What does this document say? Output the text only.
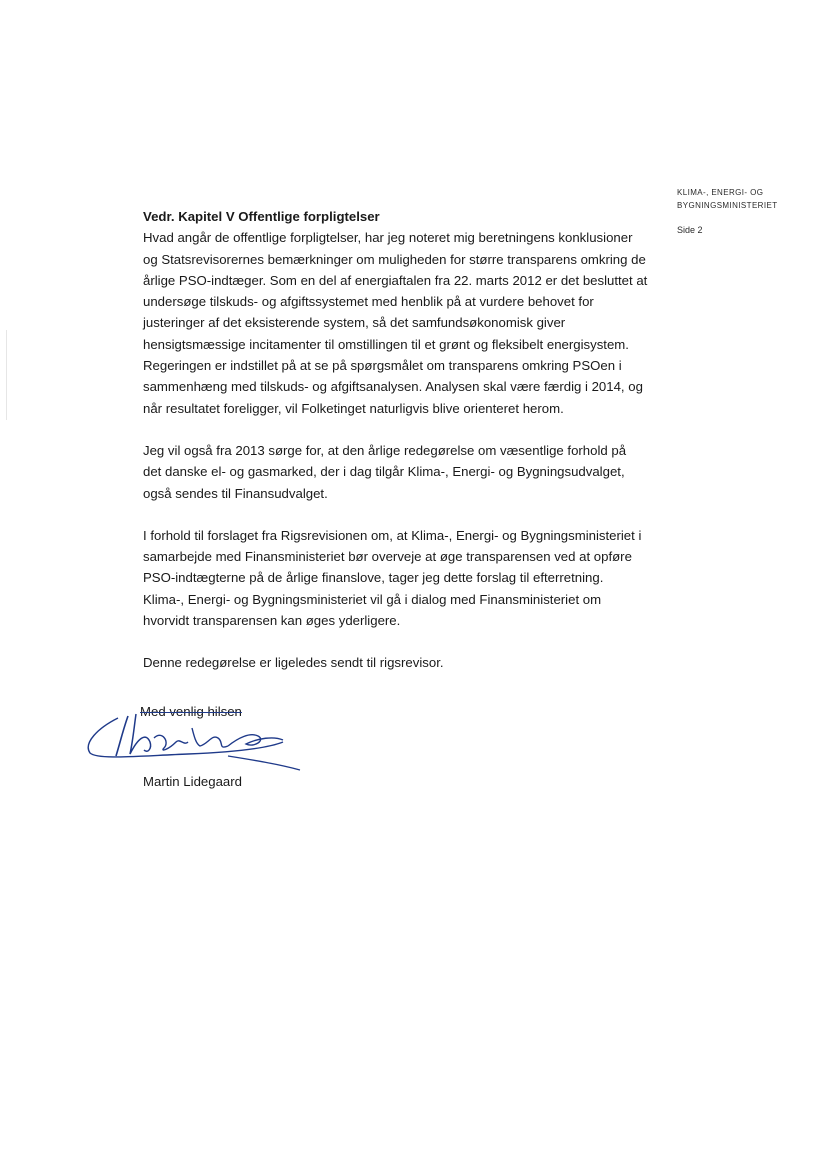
KLIMA-, ENERGI- OG
BYGNINGSMINISTERIET
Side 2

Vedr. Kapitel V Offentlige forpligtelser

Hvad angår de offentlige forpligtelser, har jeg noteret mig beretningens konklusioner og Statsrevisorernes bemærkninger om muligheden for større transparens omkring de årlige PSO-indtæger. Som en del af energiaftalen fra 22. marts 2012 er det besluttet at undersøge tilskuds- og afgiftssystemet med henblik på at vurdere behovet for justeringer af det eksisterende system, så det samfundsøkonomisk giver hensigtsmæssige incitamenter til omstillingen til et grønt og fleksibelt energisystem. Regeringen er indstillet på at se på spørgsmålet om transparens omkring PSOen i sammenhæng med tilskuds- og afgiftsanalysen. Analysen skal være færdig i 2014, og når resultatet foreligger, vil Folketinget naturligvis blive orienteret herom.

Jeg vil også fra 2013 sørge for, at den årlige redegørelse om væsentlige forhold på det danske el- og gasmarked, der i dag tilgår Klima-, Energi- og Bygningsudvalget, også sendes til Finansudvalget.

I forhold til forslaget fra Rigsrevisionen om, at Klima-, Energi- og Bygningsministeriet i samarbejde med Finansministeriet bør overveje at øge transparensen ved at opføre PSO-indtægterne på de årlige finanslove, tager jeg dette forslag til efterretning. Klima-, Energi- og Bygningsministeriet vil gå i dialog med Finansministeriet om hvorvidt transparensen kan øges yderligere.

Denne redegørelse er ligeledes sendt til rigsrevisor.

Med venlig hilsen
Martin Lidegaard
